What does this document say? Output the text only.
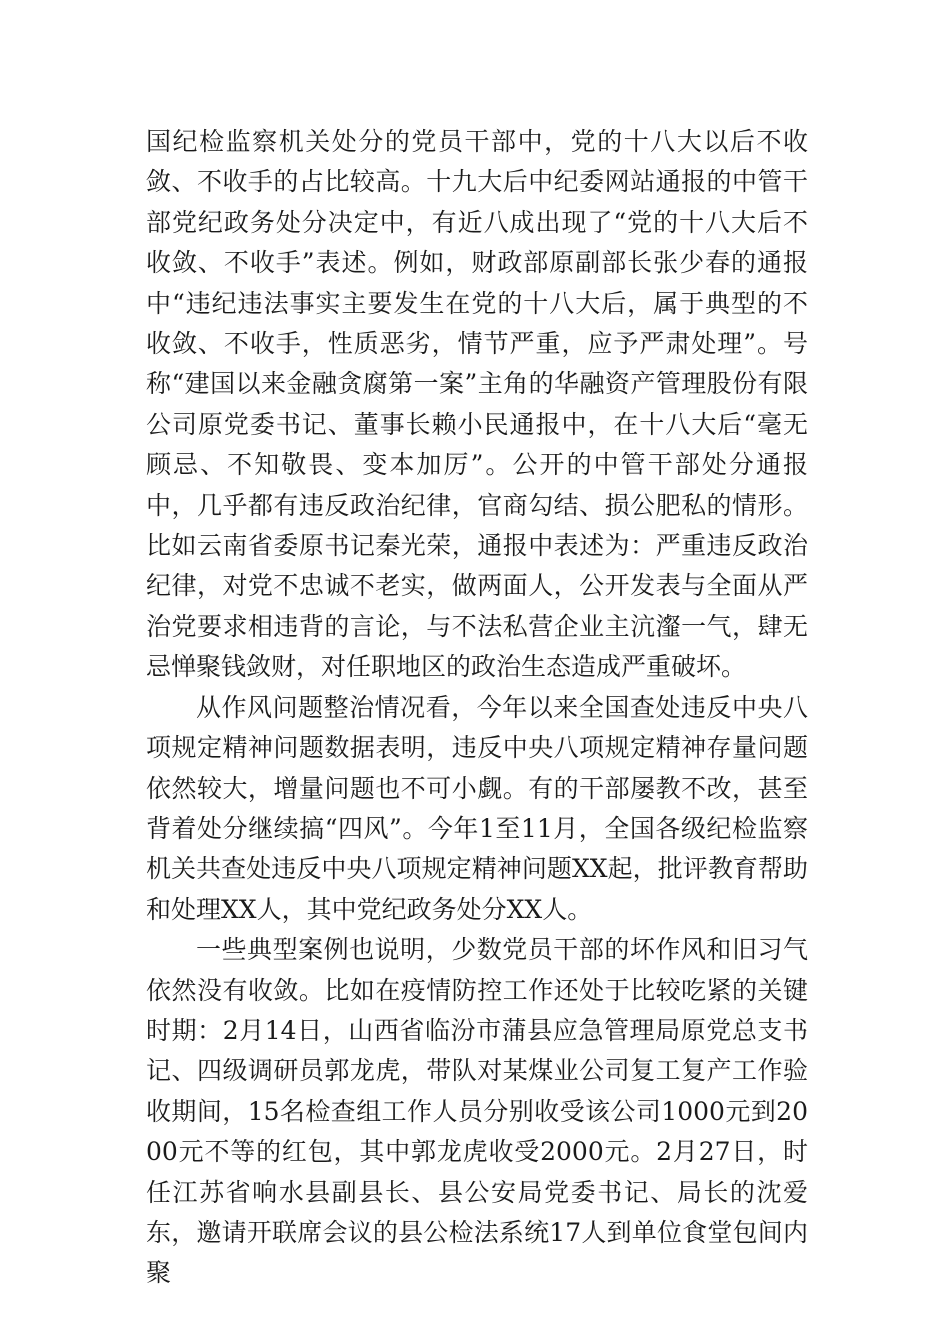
国纪检监察机关处分的党员干部中，党的十八大以后不收敛、不收手的占比较高。十九大后中纪委网站通报的中管干部党纪政务处分决定中，有近八成出现了“党的十八大后不收敛、不收手”表述。例如，财政部原副部长张少春的通报中“违纪违法事实主要发生在党的十八大后，属于典型的不收敛、不收手，性质恶劣，情节严重，应予严肃处理”。号称“建国以来金融贪腐第一案”主角的华融资产管理股份有限公司原党委书记、董事长赖小民通报中，在十八大后“毫无顾忌、不知敬畏、变本加厉”。公开的中管干部处分通报中，几乎都有违反政治纪律，官商勾结、损公肥私的情形。比如云南省委原书记秦光荣，通报中表述为：严重违反政治纪律，对党不忠诚不老实，做两面人，公开发表与全面从严治党要求相违背的言论，与不法私营企业主沆瀣一气，肆无忌惮聚钱敛财，对任职地区的政治生态造成严重破坏。

从作风问题整治情况看，今年以来全国查处违反中央八项规定精神问题数据表明，违反中央八项规定精神存量问题依然较大，增量问题也不可小觑。有的干部屡教不改，甚至背着处分继续搞“四风”。今年1至11月，全国各级纪检监察机关共查处违反中央八项规定精神问题XX起，批评教育帮助和处理XX人，其中党纪政务处分XX人。

一些典型案例也说明，少数党员干部的坏作风和旧习气依然没有收敛。比如在疫情防控工作还处于比较吃紧的关键时期：2月14日，山西省临汾市蒲县应急管理局原党总支书记、四级调研员郭龙虎，带队对某煤业公司复工复产工作验收期间，15名检查组工作人员分别收受该公司1000元到2000元不等的红包，其中郭龙虎收受2000元。2月27日，时任江苏省响水县副县长、县公安局党委书记、局长的沈爱东，邀请开联席会议的县公检法系统17人到单位食堂包间内聚
